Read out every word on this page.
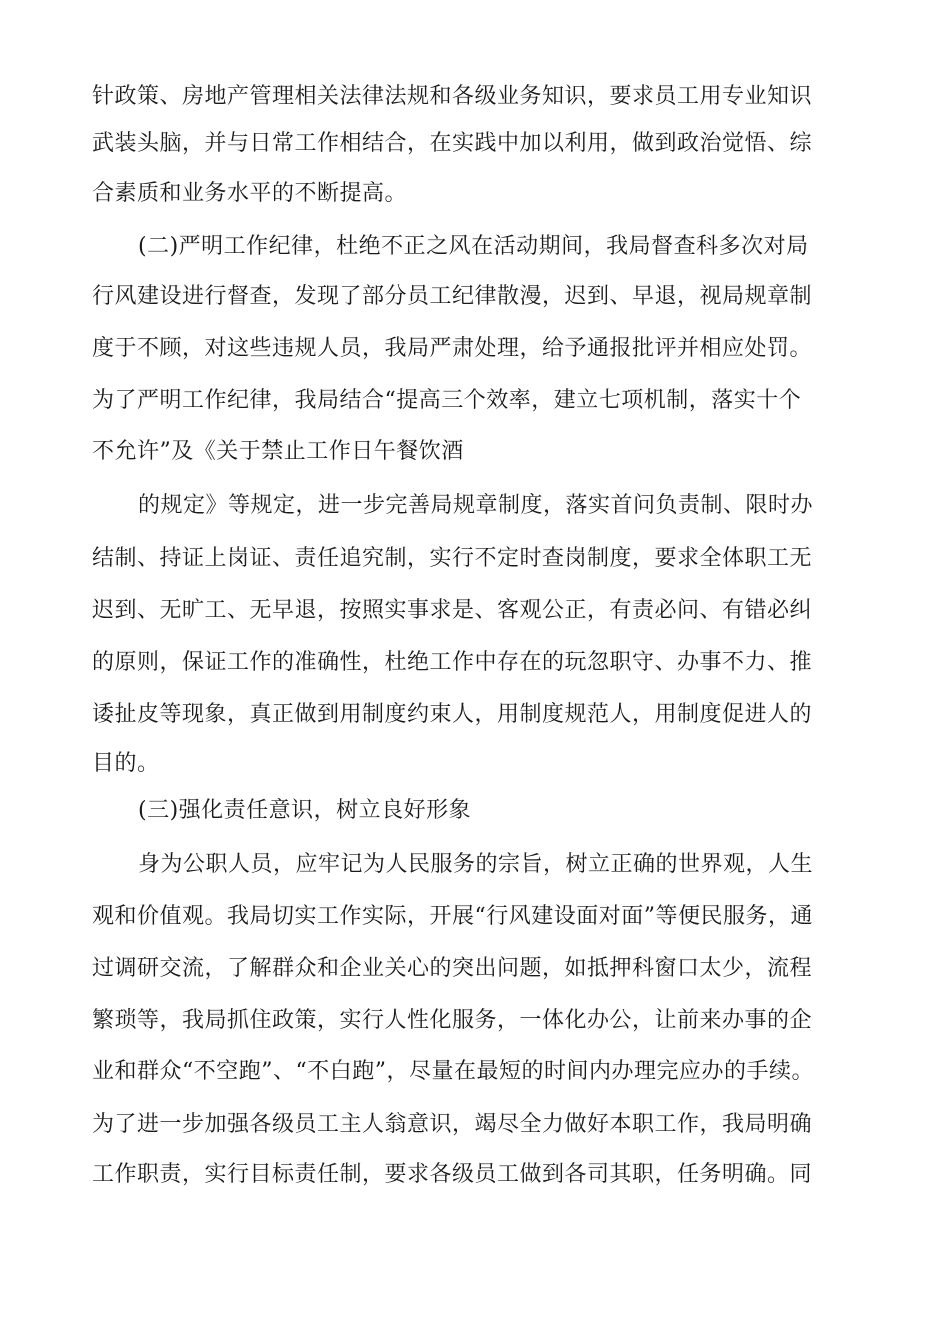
针政策、房地产管理相关法律法规和各级业务知识，要求员工用专业知识
武装头脑，并与日常工作相结合，在实践中加以利用，做到政治觉悟、综
合素质和业务水平的不断提高。
(二)严明工作纪律，杜绝不正之风在活动期间，我局督查科多次对局
行风建设进行督查，发现了部分员工纪律散漫，迟到、早退，视局规章制
度于不顾，对这些违规人员，我局严肃处理，给予通报批评并相应处罚。
为了严明工作纪律，我局结合“提高三个效率，建立七项机制，落实十个
不允许”及《关于禁止工作日午餐饮酒
的规定》等规定，进一步完善局规章制度，落实首问负责制、限时办
结制、持证上岗证、责任追究制，实行不定时查岗制度，要求全体职工无
迟到、无旷工、无早退，按照实事求是、客观公正，有责必问、有错必纠
的原则，保证工作的准确性，杜绝工作中存在的玩忽职守、办事不力、推
诿扯皮等现象，真正做到用制度约束人，用制度规范人，用制度促进人的
目的。
(三)强化责任意识，树立良好形象
身为公职人员，应牢记为人民服务的宗旨，树立正确的世界观，人生
观和价值观。我局切实工作实际，开展“行风建设面对面”等便民服务，通
过调研交流，了解群众和企业关心的突出问题，如抵押科窗口太少，流程
繁琐等，我局抓住政策，实行人性化服务，一体化办公，让前来办事的企
业和群众“不空跑”、“不白跑”，尽量在最短的时间内办理完应办的手续。
为了进一步加强各级员工主人翁意识，竭尽全力做好本职工作，我局明确
工作职责，实行目标责任制，要求各级员工做到各司其职，任务明确。同
